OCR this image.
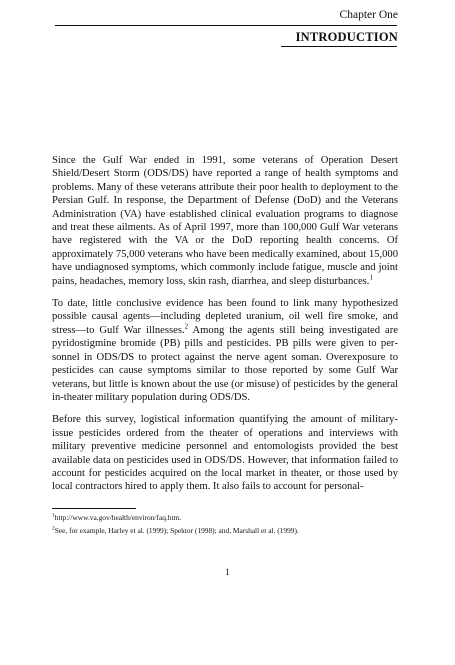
Chapter One
INTRODUCTION

Since the Gulf War ended in 1991, some veterans of Operation Desert Shield/Desert Storm (ODS/DS) have reported a range of health symptoms and problems. Many of these veterans attribute their poor health to deployment to the Persian Gulf. In response, the Department of Defense (DoD) and the Veterans Administration (VA) have established clinical evaluation programs to diagnose and treat these ailments. As of April 1997, more than 100,000 Gulf War veterans have registered with the VA or the DoD reporting health concerns. Of approximately 75,000 veterans who have been medically examined, about 15,000 have undiagnosed symptoms, which commonly include fatigue, muscle and joint pains, headaches, memory loss, skin rash, diarrhea, and sleep disturbances.$^1$

To date, little conclusive evidence has been found to link many hypothesized possible causal agents—including depleted uranium, oil well fire smoke, and stress—to Gulf War illnesses.$^2$ Among the agents still being investigated are pyridostigmine bromide (PB) pills and pesticides. PB pills were given to personnel in ODS/DS to protect against the nerve agent soman. Overexposure to pesticides can cause symptoms similar to those reported by some Gulf War veterans, but little is known about the use (or misuse) of pesticides by the general in-theater military population during ODS/DS.

Before this survey, logistical information quantifying the amount of military-issue pesticides ordered from the theater of operations and interviews with military preventive medicine personnel and entomologists provided the best available data on pesticides used in ODS/DS. However, that information failed to account for pesticides acquired on the local market in theater, or those used by local contractors hired to apply them. It also fails to account for personal-

$^1$http://www.va.gov/health/environ/faq.htm.
$^2$See, for example, Harley et al. (1999); Spektor (1998); and, Marshall et al. (1999).
1
